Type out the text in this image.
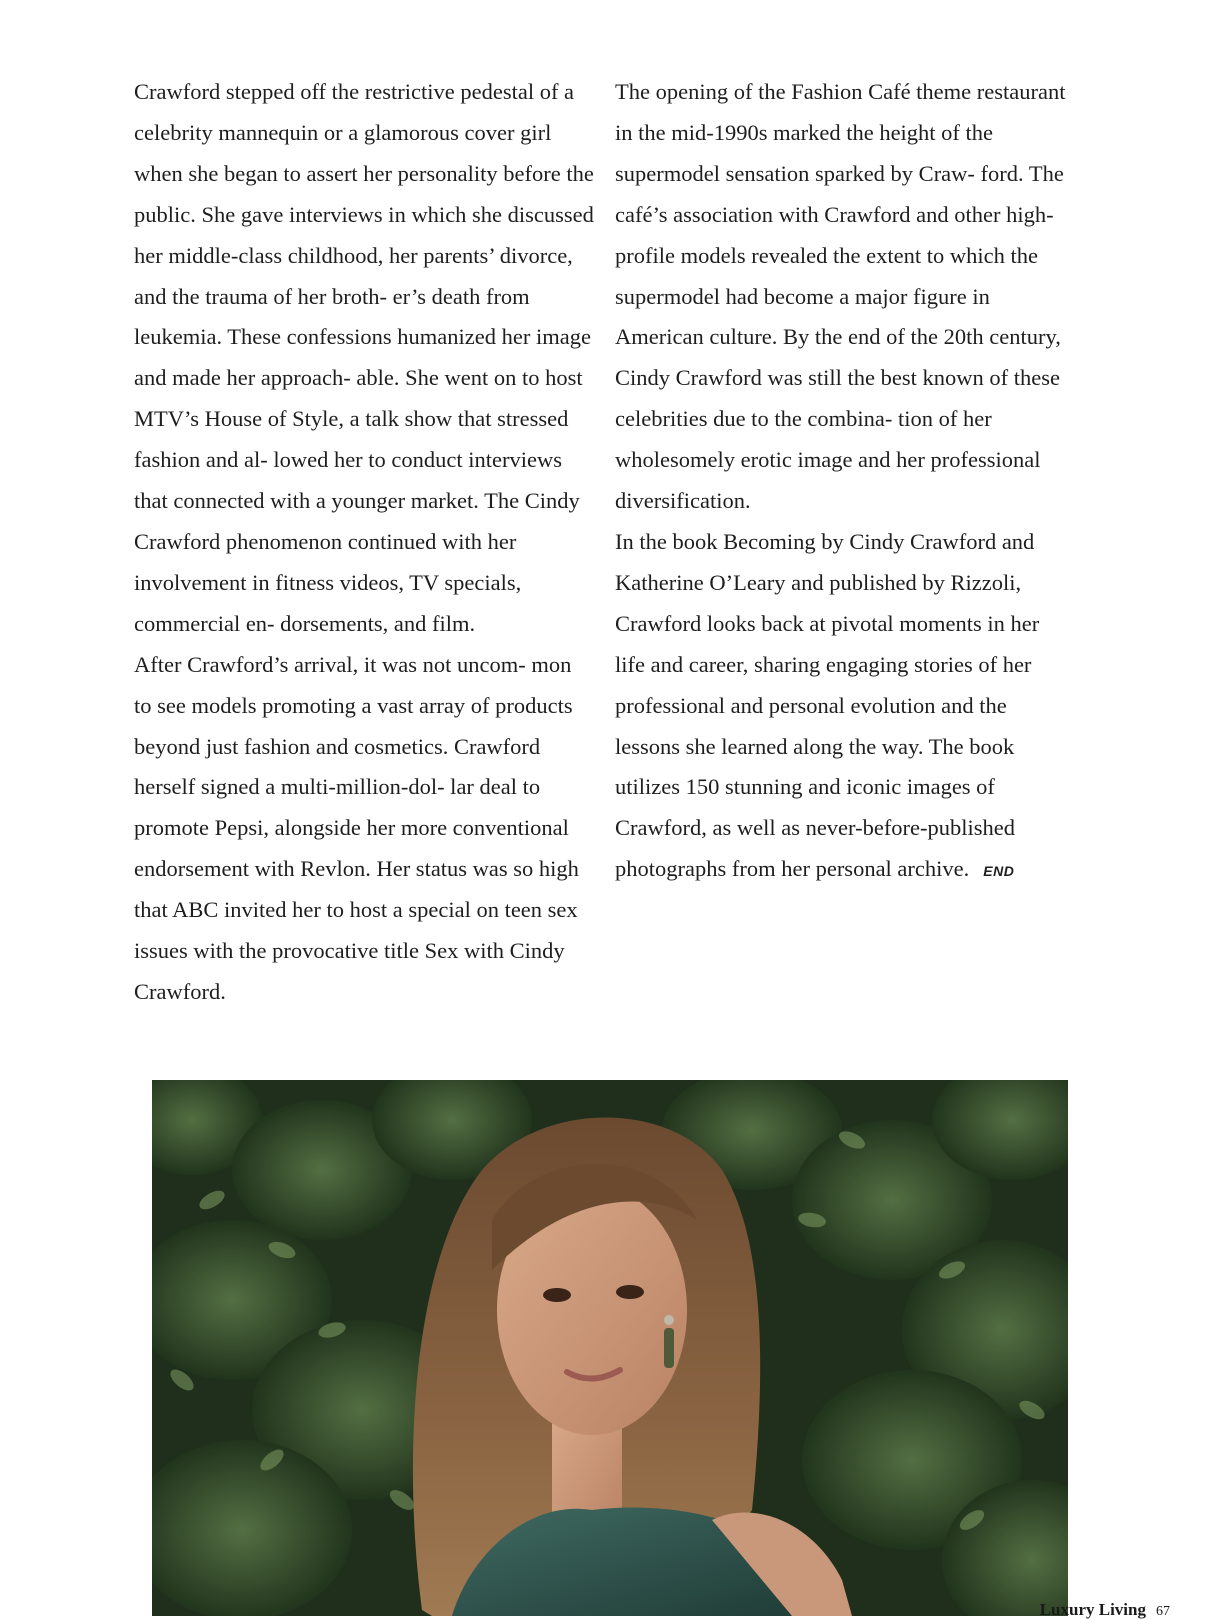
Crawford stepped off the restrictive pedestal of a celebrity mannequin or a glamorous cover girl when she began to assert her personality before the public. She gave interviews in which she discussed her middle-class childhood, her parents’ divorce, and the trauma of her broth- er’s death from leukemia. These confessions humanized her image and made her approach- able. She went on to host MTV’s House of Style, a talk show that stressed fashion and al- lowed her to conduct interviews that connected with a younger market. The Cindy Crawford phenomenon continued with her involvement in fitness videos, TV specials, commercial en- dorsements, and film.

After Crawford’s arrival, it was not uncom- mon to see models promoting a vast array of products beyond just fashion and cosmetics. Crawford herself signed a multi-million-dol- lar deal to promote Pepsi, alongside her more conventional endorsement with Revlon. Her status was so high that ABC invited her to host a special on teen sex issues with the provocative title Sex with Cindy Crawford.

The opening of the Fashion Café theme restaurant in the mid-1990s marked the height of the supermodel sensation sparked by Craw- ford. The café’s association with Crawford and other high-profile models revealed the extent to which the supermodel had become a major figure in American culture. By the end of the 20th century, Cindy Crawford was still the best known of these celebrities due to the combina- tion of her wholesomely erotic image and her professional diversification.

In the book Becoming by Cindy Crawford and Katherine O’Leary and published by Rizzoli, Crawford looks back at pivotal moments in her life and career, sharing engaging stories of her professional and personal evolution and the lessons she learned along the way. The book utilizes 150 stunning and iconic images of Crawford, as well as never-before-published photographs from her personal archive. END

Luxury Living 67
